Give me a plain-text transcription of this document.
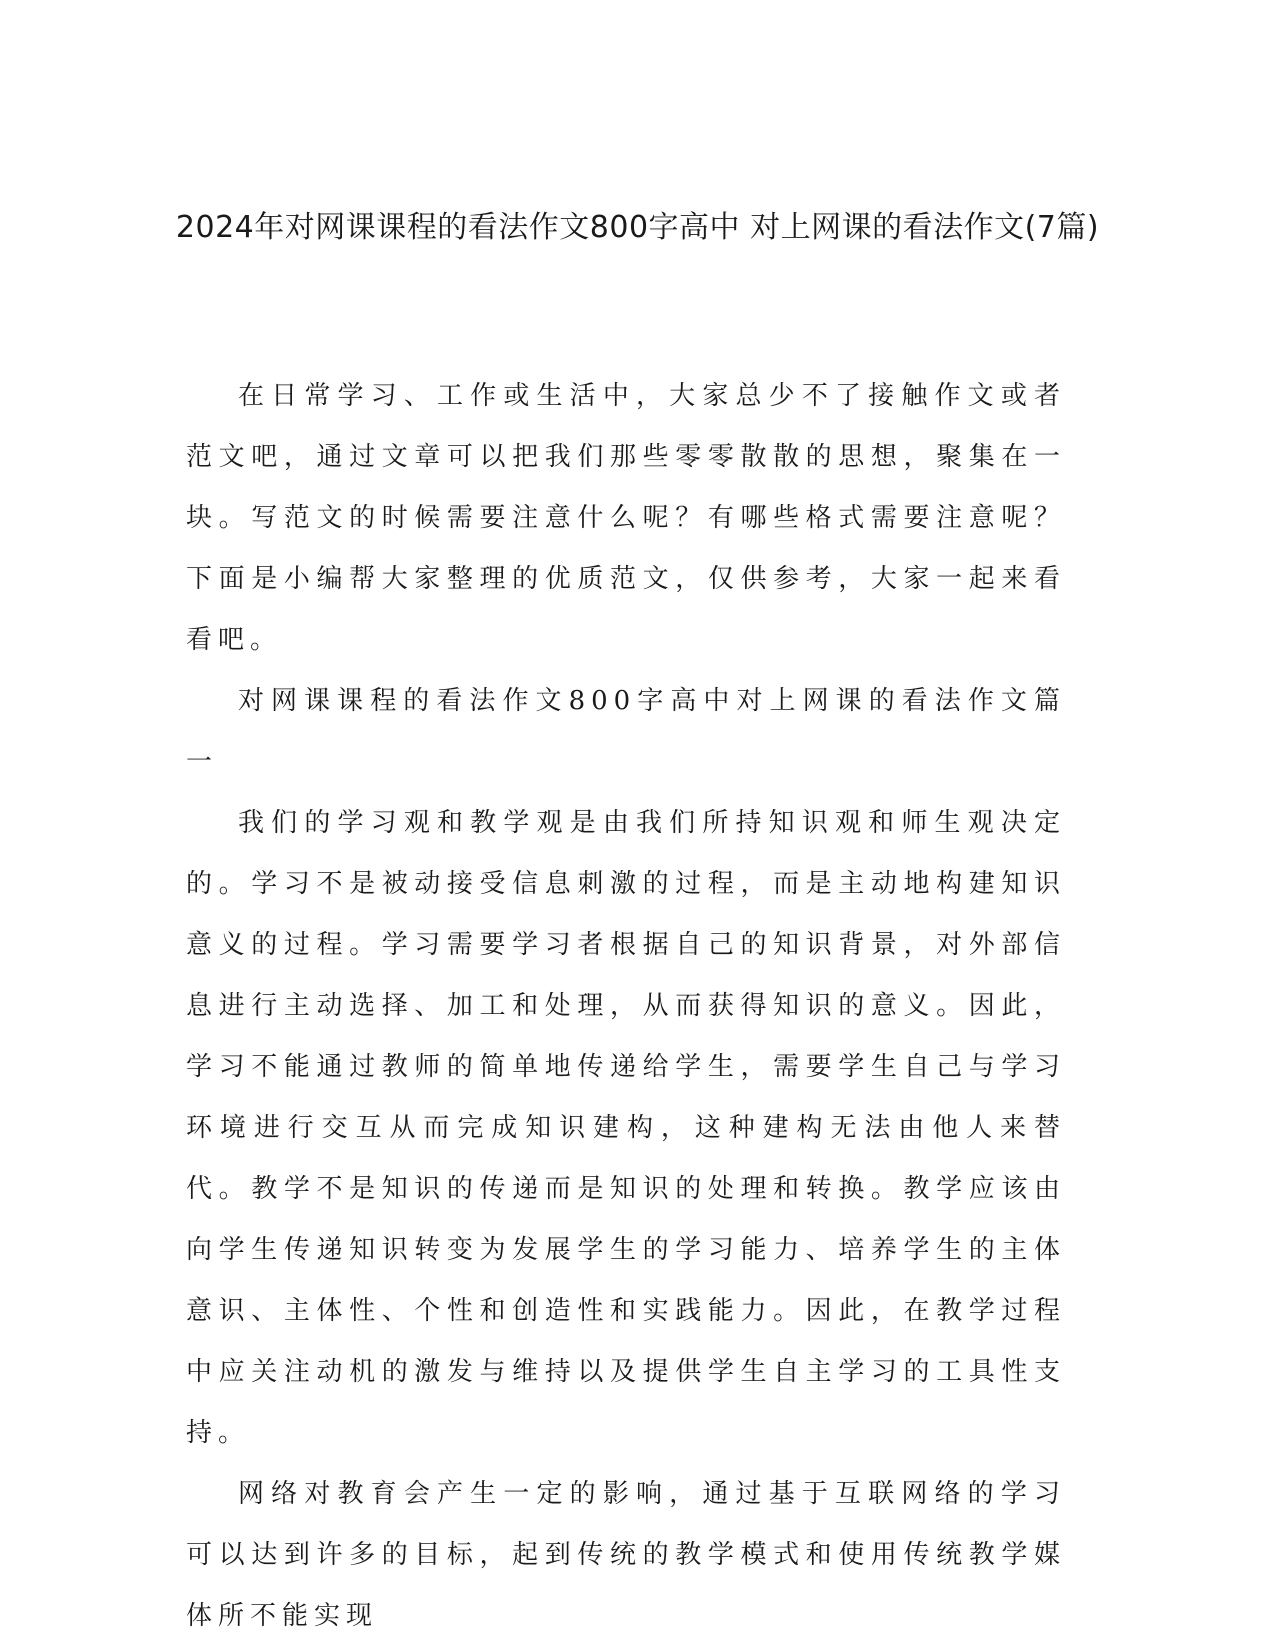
2024年对网课课程的看法作文800字高中 对上网课的看法作文(7篇)

在日常学习、工作或生活中，大家总少不了接触作文或者范文吧，通过文章可以把我们那些零零散散的思想，聚集在一块。写范文的时候需要注意什么呢？有哪些格式需要注意呢？下面是小编帮大家整理的优质范文，仅供参考，大家一起来看看吧。

对网课课程的看法作文800字高中对上网课的看法作文篇一

我们的学习观和教学观是由我们所持知识观和师生观决定的。学习不是被动接受信息刺激的过程，而是主动地构建知识意义的过程。学习需要学习者根据自己的知识背景，对外部信息进行主动选择、加工和处理，从而获得知识的意义。因此，学习不能通过教师的简单地传递给学生，需要学生自己与学习环境进行交互从而完成知识建构，这种建构无法由他人来替代。教学不是知识的传递而是知识的处理和转换。教学应该由向学生传递知识转变为发展学生的学习能力、培养学生的主体意识、主体性、个性和创造性和实践能力。因此，在教学过程中应关注动机的激发与维持以及提供学生自主学习的工具性支持。

网络对教育会产生一定的影响，通过基于互联网络的学习可以达到许多的目标，起到传统的教学模式和使用传统教学媒体所不能实现
